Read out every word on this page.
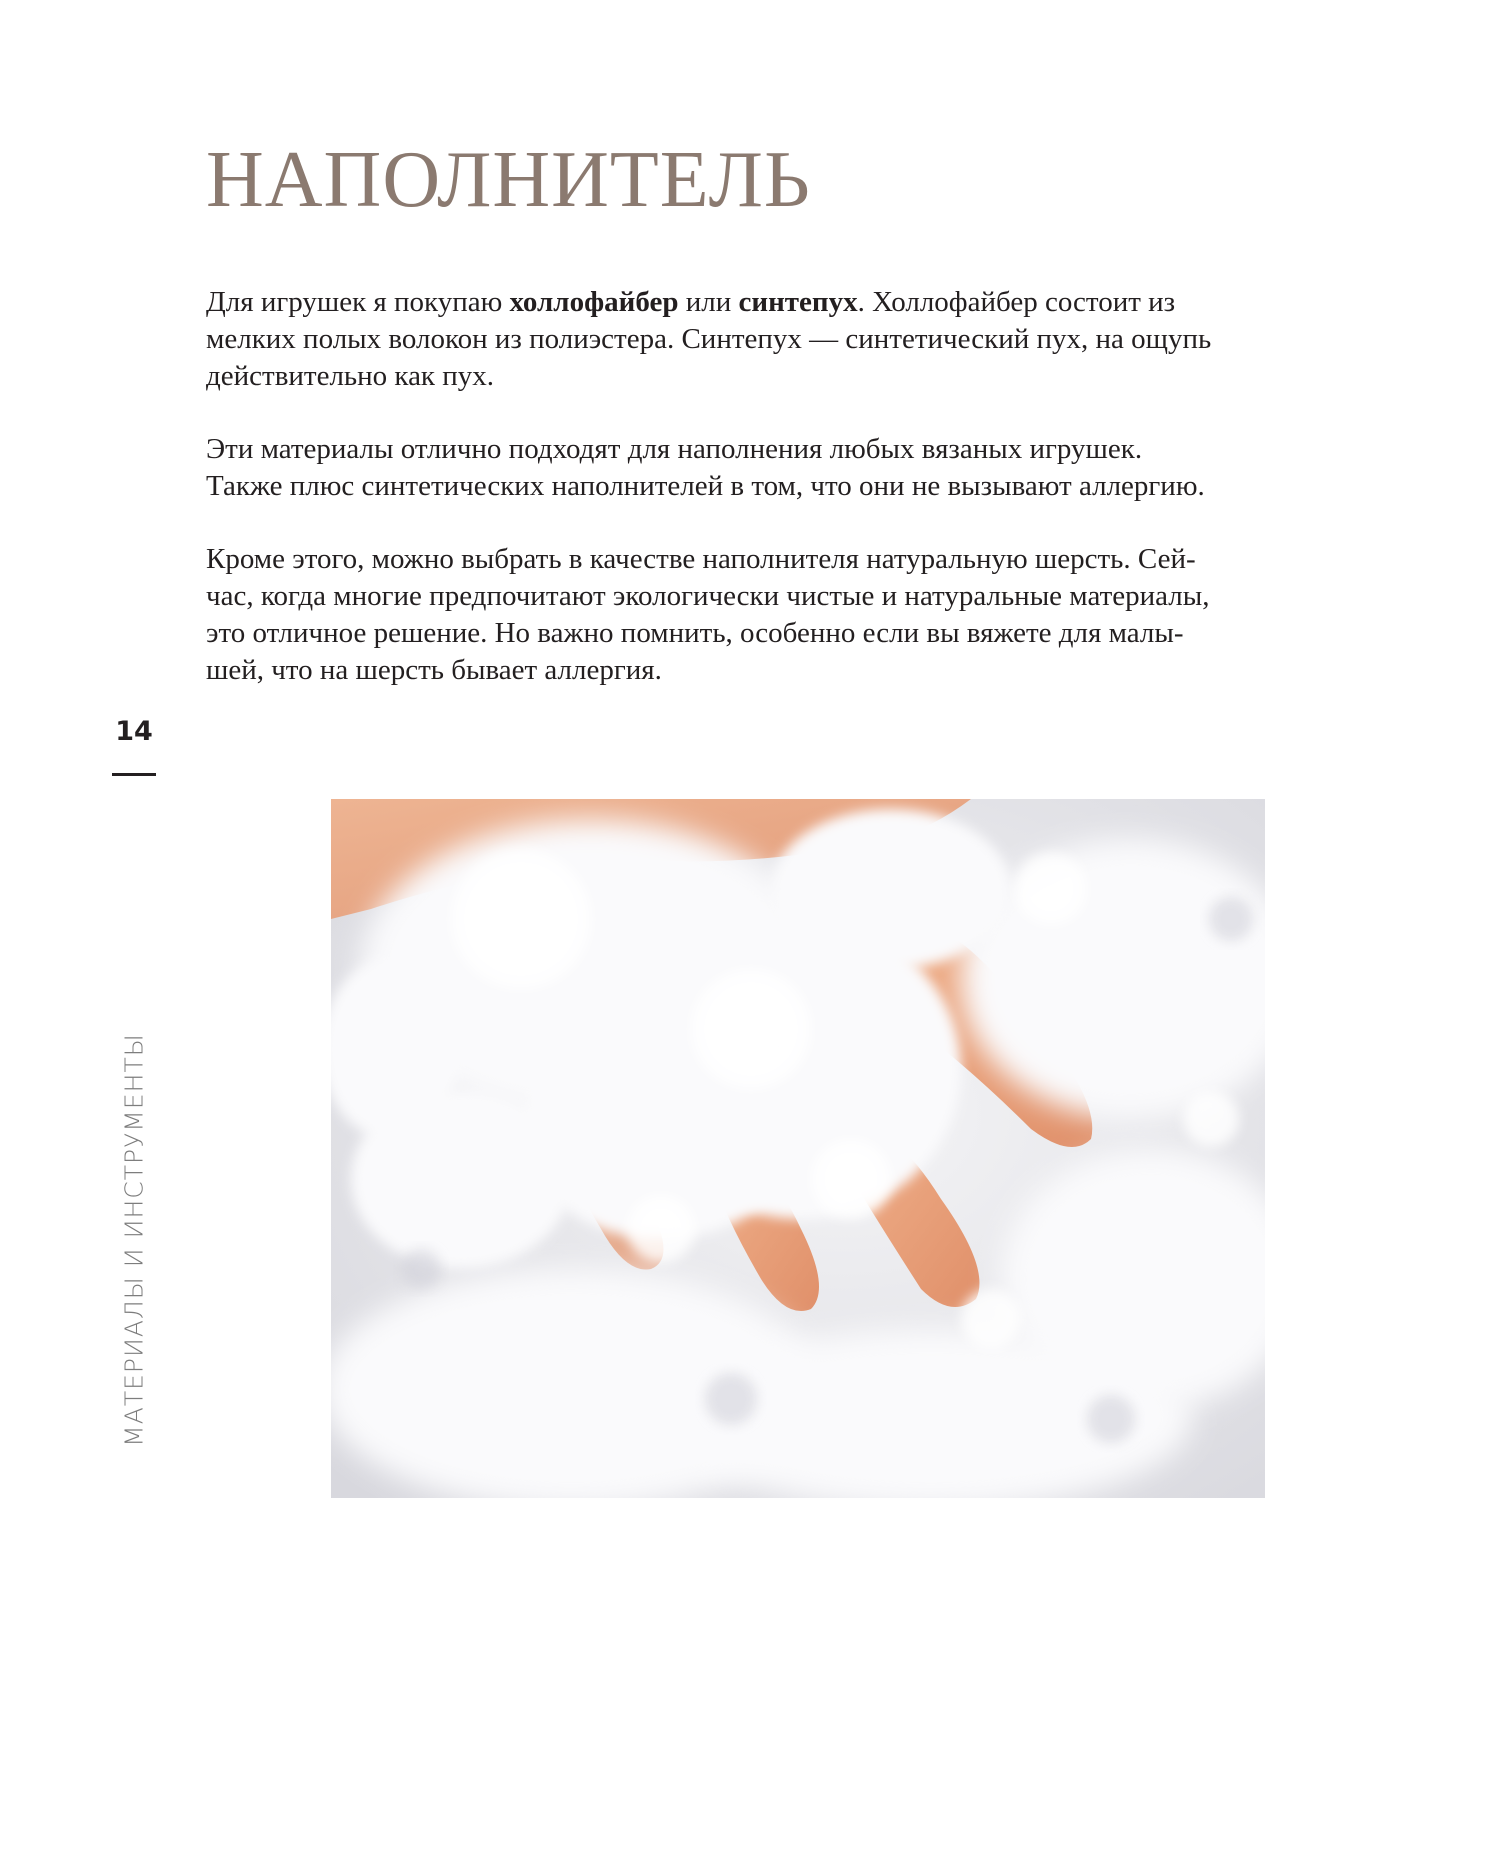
НАПОЛНИТЕЛЬ

Для игрушек я покупаю холлофайбер или синтепух. Холлофайбер состоит из
мелких полых волокон из полиэстера. Синтепух — синтетический пух, на ощупь
действительно как пух.

Эти материалы отлично подходят для наполнения любых вязаных игрушек.
Также плюс синтетических наполнителей в том, что они не вызывают аллергию.

Кроме этого, можно выбрать в качестве наполнителя натуральную шерсть. Сей-
час, когда многие предпочитают экологически чистые и натуральные материалы,
это отличное решение. Но важно помнить, особенно если вы вяжете для малы-
шей, что на шерсть бывает аллергия.

14
МАТЕРИАЛЫ И ИНСТРУМЕНТЫ
